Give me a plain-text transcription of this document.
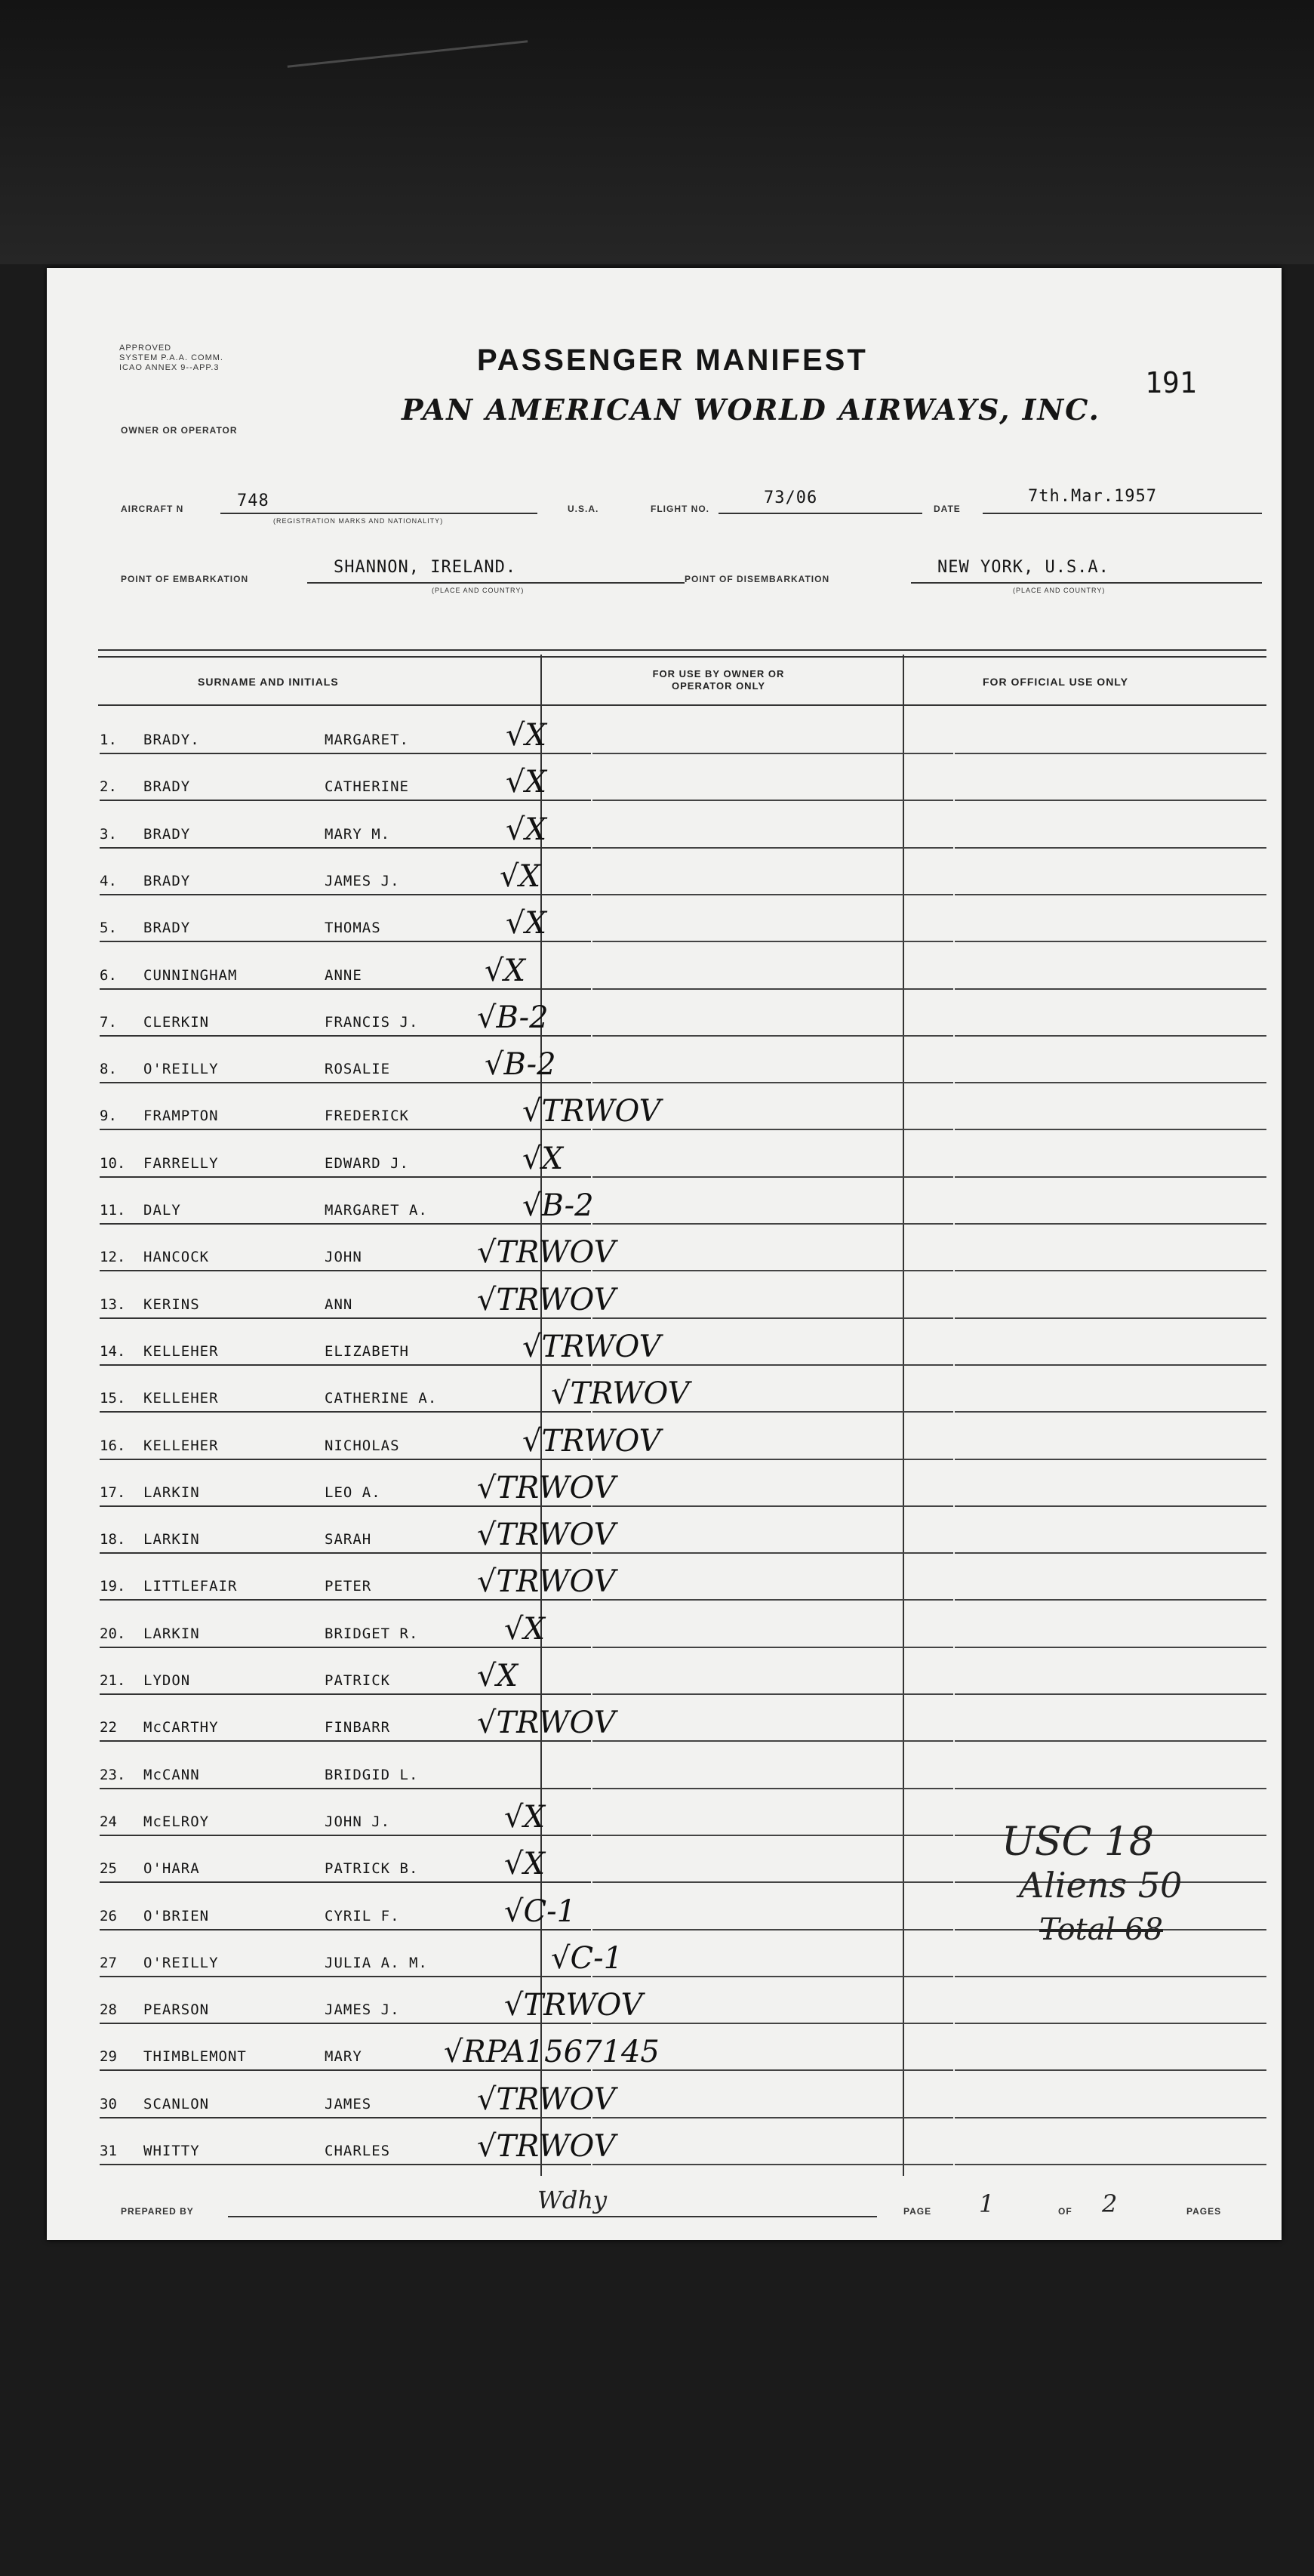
APPROVED
SYSTEM P.A.A. COMM.
ICAO ANNEX 9--APP.3	PASSENGER MANIFEST
191
OWNER OR OPERATOR
PAN AMERICAN WORLD AIRWAYS, INC.
AIRCRAFT N	748
(REGISTRATION MARKS AND NATIONALITY)
U.S.A.	FLIGHT NO.
73/06
DATE
7th.Mar.1957
POINT OF EMBARKATION
SHANNON, IRELAND.
(PLACE AND COUNTRY)
POINT OF DISEMBARKATION
NEW YORK, U.S.A.
(PLACE AND COUNTRY)
SURNAME AND INITIALS
FOR USE BY OWNER OR OPERATOR ONLY	FOR OFFICIAL USE ONLY
1. BRADY.	MARGARET.	√X
2. BRADY	CATHERINE	√X
3. BRADY	MARY M.	√X
4. BRADY	JAMES J.	√X
5. BRADY	THOMAS	√X
6. CUNNINGHAM	ANNE	√X
7. CLERKIN	FRANCIS J. √B-2
8. O'REILLY	ROSALIE	√B-2
9. FRAMPTON	FREDERICK	√TRWOV
10. FARRELLY	EDWARD J.	√X
11. DALY	MARGARET A.	√B-2
12. HANCOCK	JOHN	√TRWOV
13. KERINS	ANN	√TRWOV
14. KELLEHER	ELIZABETH	√TRWOV
15. KELLEHER	CATHERINE A.	√TRWOV
16. KELLEHER	NICHOLAS	√TRWOV
17. LARKIN	LEO A.	√TRWOV
18. LARKIN	SARAH	√TRWOV
19. LITTLEFAIR	PETER	√TRWOV
20. LARKIN	BRIDGET R.	√X
21. LYDON	PATRICK	√X
22 McCARTHY	FINBARR	√TRWOV
23. McCANN	BRIDGID L.
24 McELROY	JOHN J.	√X
25 O'HARA	PATRICK B.	√X
26 O'BRIEN	CYRIL F.	√C-1
27 O'REILLY	JULIA A. M.	√C-1
28 PEARSON	JAMES J.	√TRWOV
29 THIMBLEMONT	MARY	√RPA1567145
30 SCANLON	JAMES	√TRWOV
31 WHITTY	CHARLES	√TRWOV
USC 18
Aliens 50
Total 68
PREPARED BY	Wdhy	PAGE 1	OF 2	PAGES
